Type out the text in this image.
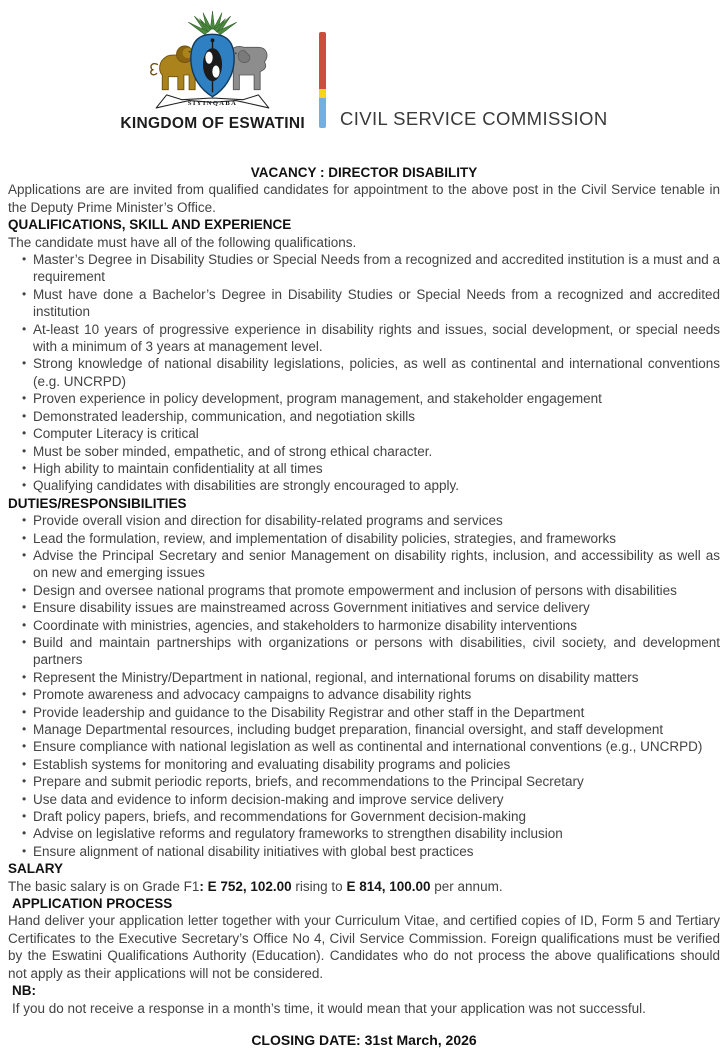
SIYINQABA
KINGDOM OF ESWATINI CIVIL SERVICE COMMISSION
VACANCY : DIRECTOR DISABILITY

Applications are are invited from qualified candidates for appointment to the above post in the Civil Service tenable in the Deputy Prime Minister’s Office.

QUALIFICATIONS, SKILL AND EXPERIENCE

The candidate must have all of the following qualifications.

• Master’s Degree in Disability Studies or Special Needs from a recognized and accredited institution is a must and a requirement
• Must have done a Bachelor’s Degree in Disability Studies or Special Needs from a recognized and accredited institution
• At-least 10 years of progressive experience in disability rights and issues, social development, or special needs with a minimum of 3 years at management level.
• Strong knowledge of national disability legislations, policies, as well as continental and international conventions (e.g. UNCRPD)
• Proven experience in policy development, program management, and stakeholder engagement
• Demonstrated leadership, communication, and negotiation skills
• Computer Literacy is critical
• Must be sober minded, empathetic, and of strong ethical character.
• High ability to maintain confidentiality at all times
• Qualifying candidates with disabilities are strongly encouraged to apply.
DUTIES/RESPONSIBILITIES
• Provide overall vision and direction for disability-related programs and services
• Lead the formulation, review, and implementation of disability policies, strategies, and frameworks
• Advise the Principal Secretary and senior Management on disability rights, inclusion, and accessibility as well as on new and emerging issues
• Design and oversee national programs that promote empowerment and inclusion of persons with disabilities
• Ensure disability issues are mainstreamed across Government initiatives and service delivery
• Coordinate with ministries, agencies, and stakeholders to harmonize disability interventions
• Build and maintain partnerships with organizations or persons with disabilities, civil society, and development partners
• Represent the Ministry/Department in national, regional, and international forums on disability matters
• Promote awareness and advocacy campaigns to advance disability rights
• Provide leadership and guidance to the Disability Registrar and other staff in the Department
• Manage Departmental resources, including budget preparation, financial oversight, and staff development
• Ensure compliance with national legislation as well as continental and international conventions (e.g., UNCRPD)
• Establish systems for monitoring and evaluating disability programs and policies
• Prepare and submit periodic reports, briefs, and recommendations to the Principal Secretary
• Use data and evidence to inform decision-making and improve service delivery
• Draft policy papers, briefs, and recommendations for Government decision-making
• Advise on legislative reforms and regulatory frameworks to strengthen disability inclusion
• Ensure alignment of national disability initiatives with global best practices
SALARY

The basic salary is on Grade F1: E 752, 102.00 rising to E 814, 100.00 per annum.

APPLICATION PROCESS

Hand deliver your application letter together with your Curriculum Vitae, and certified copies of ID, Form 5 and Tertiary Certificates to the Executive Secretary’s Office No 4, Civil Service Commission. Foreign qualifications must be verified by the Eswatini Qualifications Authority (Education). Candidates who do not process the above qualifications should not apply as their applications will not be considered.

NB:

If you do not receive a response in a month’s time, it would mean that your application was not successful.

CLOSING DATE: 31st March, 2026
